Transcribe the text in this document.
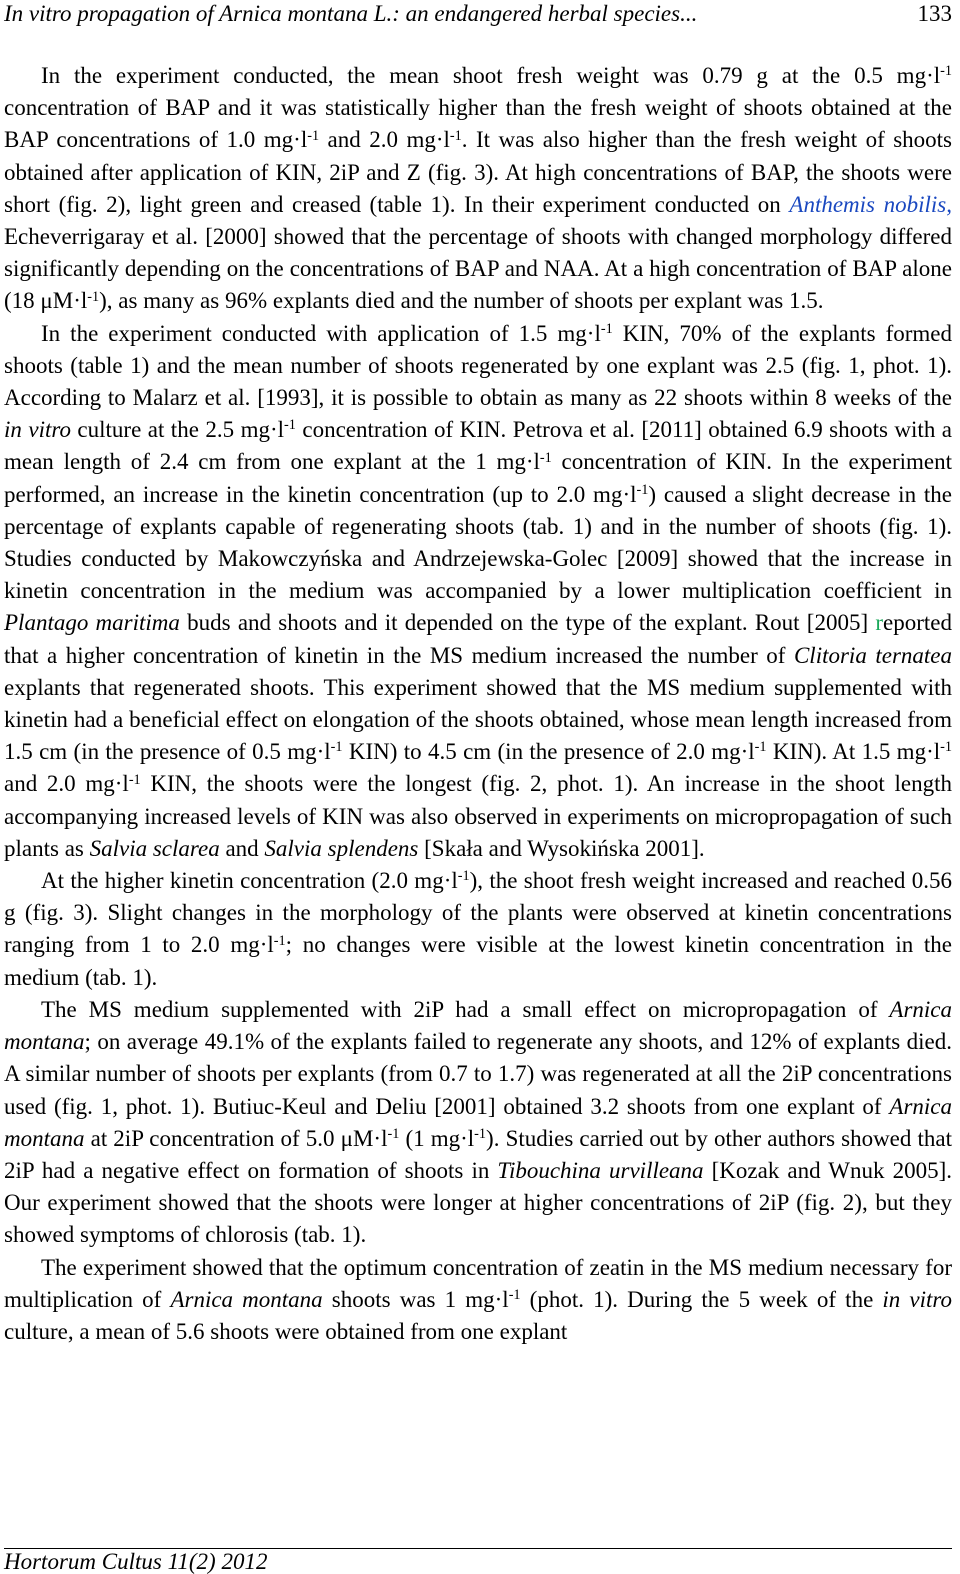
In vitro propagation of Arnica montana L.: an endangered herbal species...	133

In the experiment conducted, the mean shoot fresh weight was 0.79 g at the 0.5 $mg\cdot l^{-1}$ concentration of BAP and it was statistically higher than the fresh weight of shoots obtained at the BAP concentrations of 1.0 $mg\cdot l^{-1}$ and 2.0 $mg\cdot l^{-1}$. It was also higher than the fresh weight of shoots obtained after application of KIN, 2iP and Z (fig. 3). At high concentrations of BAP, the shoots were short (fig. 2), light green and creased (table 1). In their experiment conducted on Anthemis nobilis, Echeverrigaray et al. [2000] showed that the percentage of shoots with changed morphology differed significantly depending on the concentrations of BAP and NAA. At a high concentration of BAP alone (18 $\mu M\cdot l^{-1}$), as many as 96% explants died and the number of shoots per explant was 1.5.

In the experiment conducted with application of 1.5 $mg\cdot l^{-1}$ KIN, 70% of the explants formed shoots (table 1) and the mean number of shoots regenerated by one explant was 2.5 (fig. 1, phot. 1). According to Malarz et al. [1993], it is possible to obtain as many as 22 shoots within 8 weeks of the in vitro culture at the 2.5 $mg\cdot l^{-1}$ concentration of KIN. Petrova et al. [2011] obtained 6.9 shoots with a mean length of 2.4 cm from one explant at the 1 $mg\cdot l^{-1}$ concentration of KIN. In the experiment performed, an increase in the kinetin concentration (up to 2.0 $mg\cdot l^{-1}$) caused a slight decrease in the percentage of explants capable of regenerating shoots (tab. 1) and in the number of shoots (fig. 1). Studies conducted by Makowczyńska and Andrzejewska-Golec [2009] showed that the increase in kinetin concentration in the medium was accompanied by a lower multiplication coefficient in Plantago maritima buds and shoots and it depended on the type of the explant. Rout [2005] reported that a higher concentration of kinetin in the MS medium increased the number of Clitoria ternatea explants that regenerated shoots. This experiment showed that the MS medium supplemented with kinetin had a beneficial effect on elongation of the shoots obtained, whose mean length increased from 1.5 cm (in the presence of 0.5 $mg\cdot l^{-1}$ KIN) to 4.5 cm (in the presence of 2.0 $mg\cdot l^{-1}$ KIN). At 1.5 $mg\cdot l^{-1}$ and 2.0 $mg\cdot l^{-1}$ KIN, the shoots were the longest (fig. 2, phot. 1). An increase in the shoot length accompanying increased levels of KIN was also observed in experiments on micropropagation of such plants as Salvia sclarea and Salvia splendens [Skała and Wysokińska 2001].

At the higher kinetin concentration (2.0 $mg\cdot l^{-1}$), the shoot fresh weight increased and reached 0.56 g (fig. 3). Slight changes in the morphology of the plants were observed at kinetin concentrations ranging from 1 to 2.0 $mg\cdot l^{-1}$; no changes were visible at the lowest kinetin concentration in the medium (tab. 1).

The MS medium supplemented with 2iP had a small effect on micropropagation of Arnica montana; on average 49.1% of the explants failed to regenerate any shoots, and 12% of explants died. A similar number of shoots per explants (from 0.7 to 1.7) was regenerated at all the 2iP concentrations used (fig. 1, phot. 1). Butiuc-Keul and Deliu [2001] obtained 3.2 shoots from one explant of Arnica montana at 2iP concentration of 5.0 $\mu M\cdot l^{-1}$ (1 $mg\cdot l^{-1}$). Studies carried out by other authors showed that 2iP had a negative effect on formation of shoots in Tibouchina urvilleana [Kozak and Wnuk 2005]. Our experiment showed that the shoots were longer at higher concentrations of 2iP (fig. 2), but they showed symptoms of chlorosis (tab. 1).

The experiment showed that the optimum concentration of zeatin in the MS medium necessary for multiplication of Arnica montana shoots was 1 $mg\cdot l^{-1}$ (phot. 1). During the 5 week of the in vitro culture, a mean of 5.6 shoots were obtained from one explant

Hortorum Cultus 11(2) 2012
